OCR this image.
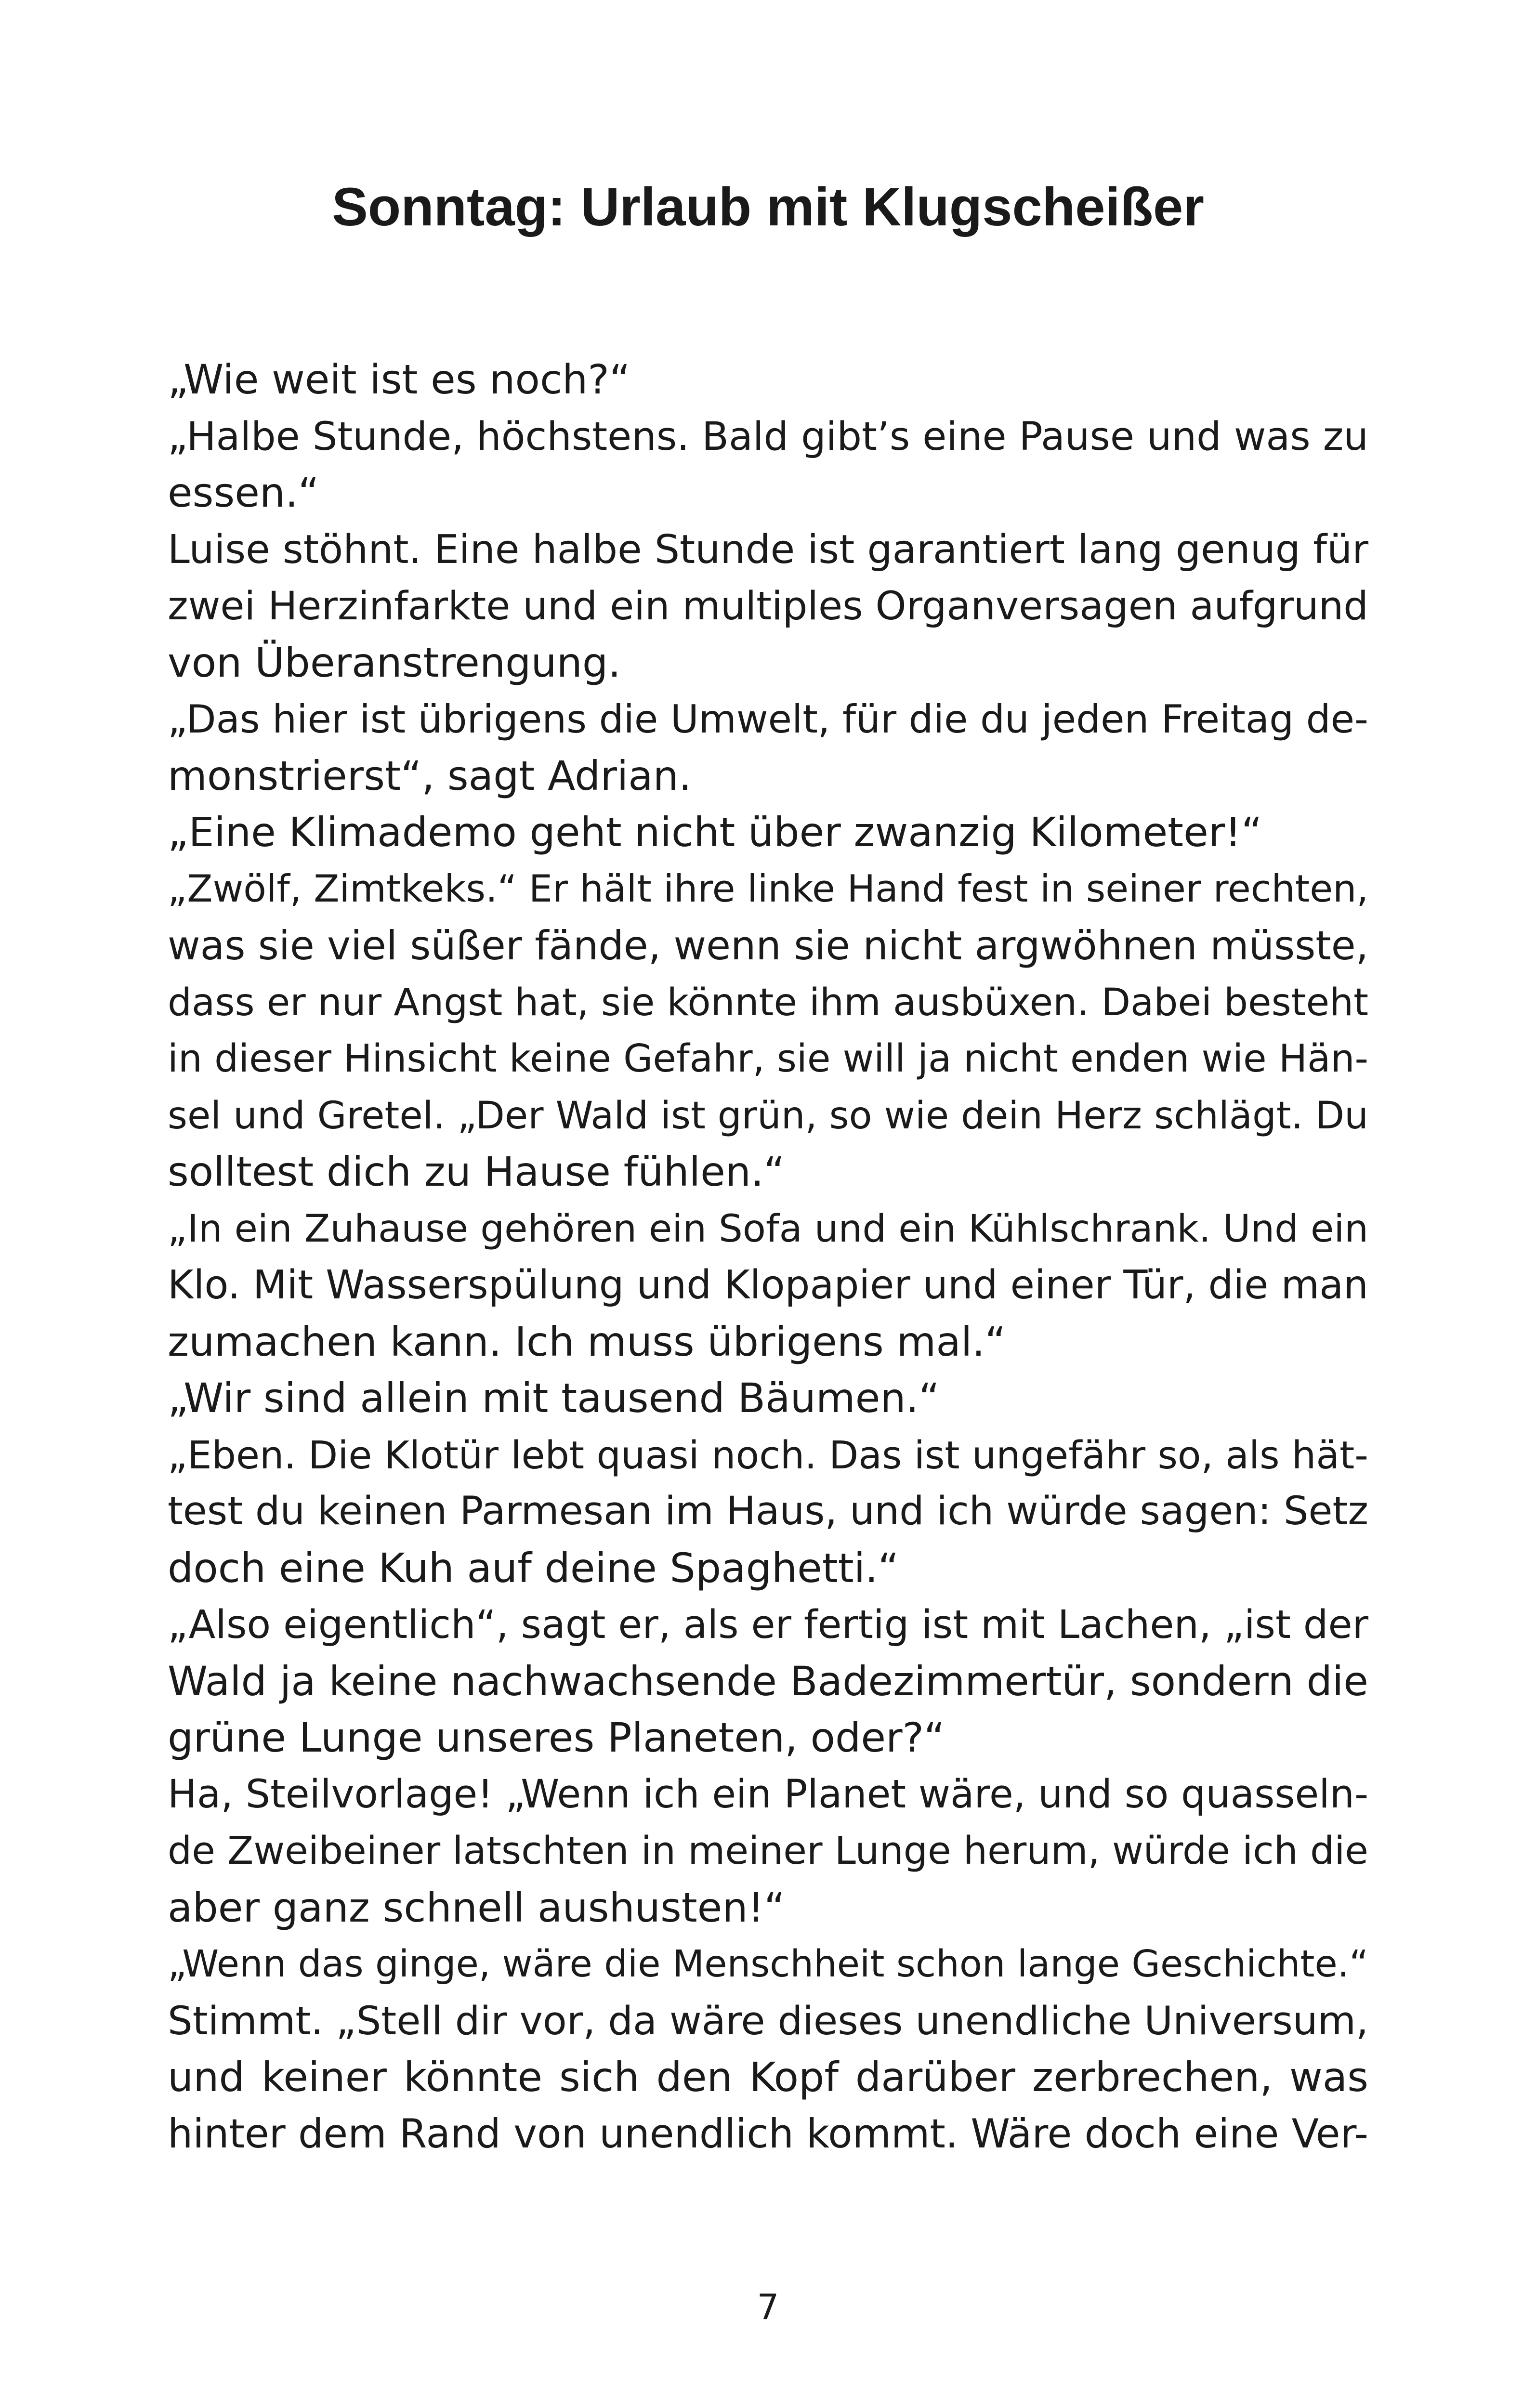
Sonntag: Urlaub mit Klugscheißer
„Wie weit ist es noch?“
„Halbe Stunde, höchstens. Bald gibt’s eine Pause und was zu
essen.“
Luise stöhnt. Eine halbe Stunde ist garantiert lang genug für
zwei Herzinfarkte und ein multiples Organversagen aufgrund
von Überanstrengung.
„Das hier ist übrigens die Umwelt, für die du jeden Freitag de-
monstrierst“, sagt Adrian.
„Eine Klimademo geht nicht über zwanzig Kilometer!“
„Zwölf, Zimtkeks.“ Er hält ihre linke Hand fest in seiner rechten,
was sie viel süßer fände, wenn sie nicht argwöhnen müsste,
dass er nur Angst hat, sie könnte ihm ausbüxen. Dabei besteht
in dieser Hinsicht keine Gefahr, sie will ja nicht enden wie Hän-
sel und Gretel. „Der Wald ist grün, so wie dein Herz schlägt. Du
solltest dich zu Hause fühlen.“
„In ein Zuhause gehören ein Sofa und ein Kühlschrank. Und ein
Klo. Mit Wasserspülung und Klopapier und einer Tür, die man
zumachen kann. Ich muss übrigens mal.“
„Wir sind allein mit tausend Bäumen.“
„Eben. Die Klotür lebt quasi noch. Das ist ungefähr so, als hät-
test du keinen Parmesan im Haus, und ich würde sagen: Setz
doch eine Kuh auf deine Spaghetti.“
„Also eigentlich“, sagt er, als er fertig ist mit Lachen, „ist der
Wald ja keine nachwachsende Badezimmertür, sondern die
grüne Lunge unseres Planeten, oder?“
Ha, Steilvorlage! „Wenn ich ein Planet wäre, und so quasseln-
de Zweibeiner latschten in meiner Lunge herum, würde ich die
aber ganz schnell aushusten!“
„Wenn das ginge, wäre die Menschheit schon lange Geschichte.“
Stimmt. „Stell dir vor, da wäre dieses unendliche Universum,
und keiner könnte sich den Kopf darüber zerbrechen, was
hinter dem Rand von unendlich kommt. Wäre doch eine Ver-
7
